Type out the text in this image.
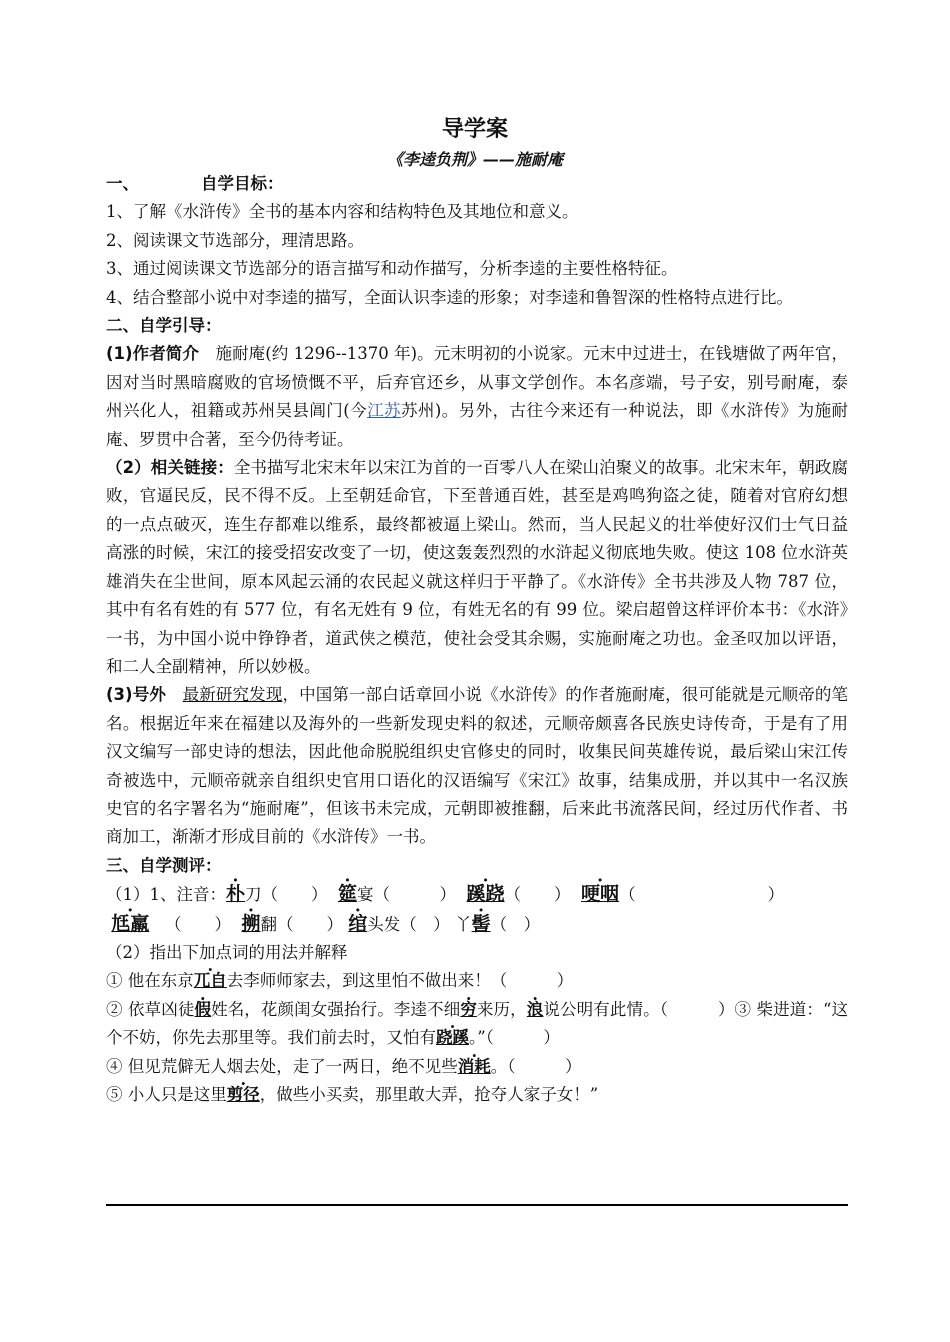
导学案
《李逵负荆》——施耐庵

一、	自学目标：

1、了解《水浒传》全书的基本内容和结构特色及其地位和意义。

2、阅读课文节选部分，理清思路。

3、通过阅读课文节选部分的语言描写和动作描写，分析李逵的主要性格特征。

4、结合整部小说中对李逵的描写，全面认识李逵的形象；对李逵和鲁智深的性格特点进行比。

二、自学引导：

(1)作者简介　施耐庵(约 1296--1370 年)。元末明初的小说家。元末中过进士，在钱塘做了两年官，因对当时黑暗腐败的官场愤慨不平，后弃官还乡，从事文学创作。本名彦端，号子安，别号耐庵，泰州兴化人，祖籍或苏州吴县阊门(今江苏苏州)。另外，古往今来还有一种说法，即《水浒传》为施耐庵、罗贯中合著，至今仍待考证。

（2）相关链接：全书描写北宋末年以宋江为首的一百零八人在梁山泊聚义的故事。北宋末年，朝政腐败，官逼民反，民不得不反。上至朝廷命官，下至普通百姓，甚至是鸡鸣狗盗之徒，随着对官府幻想的一点点破灭，连生存都难以维系，最终都被逼上梁山。然而，当人民起义的壮举使好汉们士气日益高涨的时候，宋江的接受招安改变了一切，使这轰轰烈烈的水浒起义彻底地失败。使这 108 位水浒英雄消失在尘世间，原本风起云涌的农民起义就这样归于平静了。《水浒传》全书共涉及人物 787 位，其中有名有姓的有 577 位，有名无姓有 9 位，有姓无名的有 99 位。梁启超曾这样评价本书：《水浒》一书，为中国小说中铮铮者，道武侠之模范，使社会受其余赐，实施耐庵之功也。金圣叹加以评语，和二人全副精神，所以妙极。

(3)号外　 最新研究发现，中国第一部白话章回小说《水浒传》的作者施耐庵，很可能就是元顺帝的笔名。根据近年来在福建以及海外的一些新发现史料的叙述，元顺帝颇喜各民族史诗传奇，于是有了用汉文编写一部史诗的想法，因此他命脱脱组织史官修史的同时，收集民间英雄传说，最后梁山宋江传奇被选中，元顺帝就亲自组织史官用口语化的汉语编写《宋江》故事，结集成册，并以其中一名汉族史官的名字署名为“施耐庵”，但该书未完成，元朝即被推翻，后来此书流落民间，经过历代作者、书商加工，渐渐才形成目前的《水浒传》一书。

三、自学测评：

（1）1、注音：朴刀（　　） 筵宴（　　　） 蹊跷（　　） 哽咽（　　　　　　　　）

尪羸 （　　） 搠翻（　　） 绾头发（　） 丫髻（　）

（2）指出下加点词的用法并解释

① 他在东京兀自去李师师家去，到这里怕不做出来！（　　　）

② 依草凶徒假姓名，花颜闺女强抬行。李逵不细穷来历，浪说公明有此情。（　　　）③ 柴进道：“这个不妨，你先去那里等。我们前去时，又怕有跷蹊。”（　　　）

④ 但见荒僻无人烟去处，走了一两日，绝不见些消耗。（　　　）

⑤ 小人只是这里剪径，做些小买卖，那里敢大弄，抢夺人家子女！”
